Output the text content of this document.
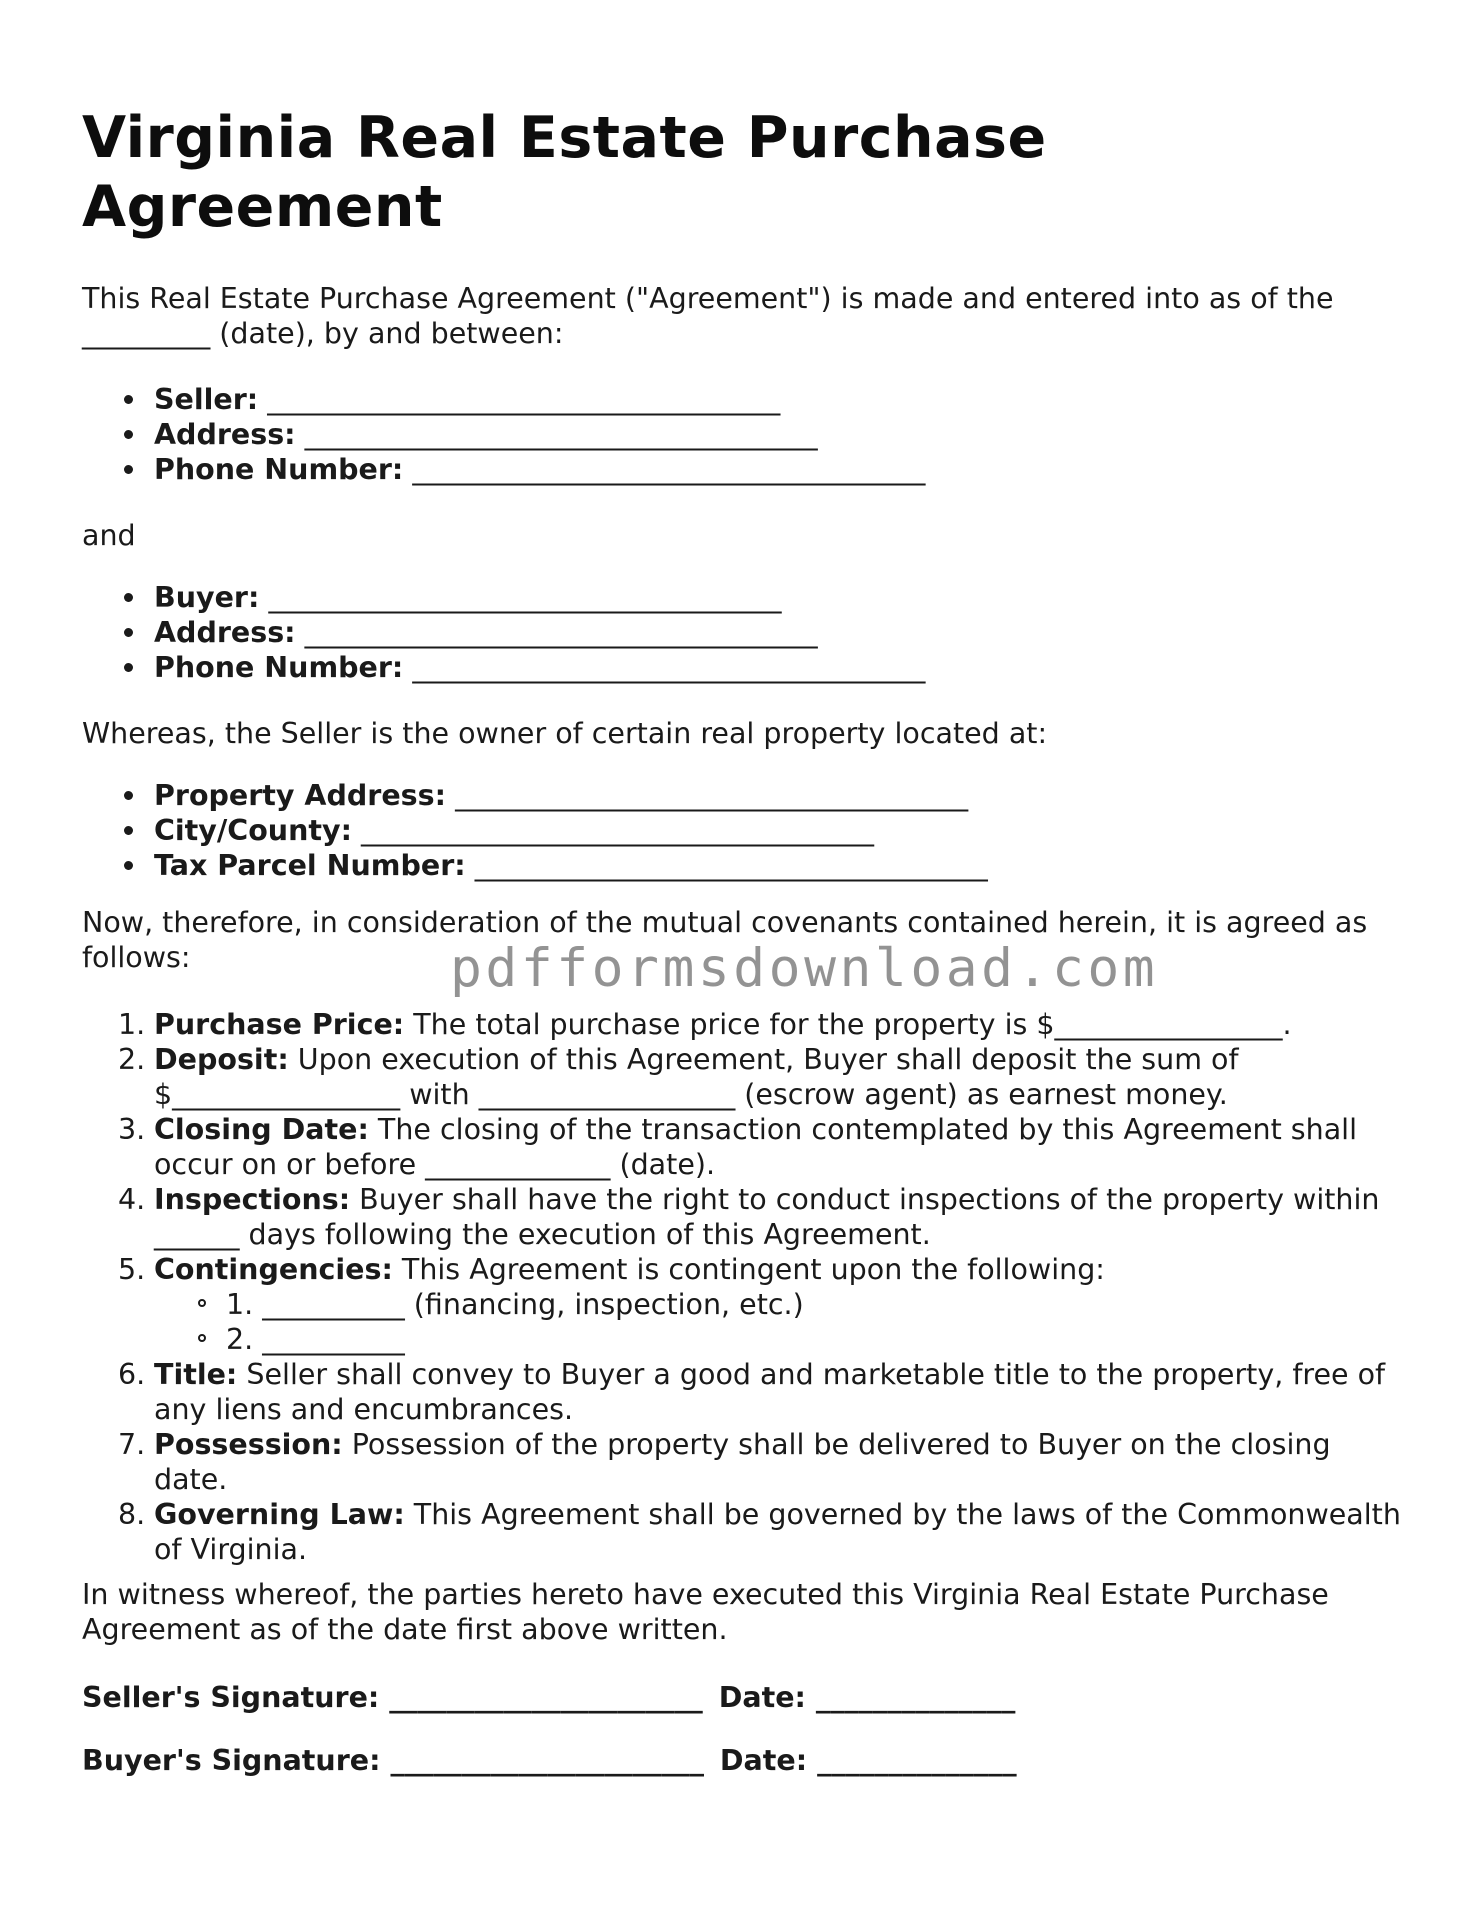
Virginia Real Estate Purchase Agreement
This Real Estate Purchase Agreement ("Agreement") is made and entered into as of the _________ (date), by and between:
Seller: ____________________________________
Address: ____________________________________
Phone Number: ____________________________________
and
Buyer: ____________________________________
Address: ____________________________________
Phone Number: ____________________________________
Whereas, the Seller is the owner of certain real property located at:
Property Address: ____________________________________
City/County: ____________________________________
Tax Parcel Number: ____________________________________
Now, therefore, in consideration of the mutual covenants contained herein, it is agreed as follows:	pdfformsdownload.com
1. Purchase Price: The total purchase price for the property is $________________.
2. Deposit: Upon execution of this Agreement, Buyer shall deposit the sum of $________________ with __________________ (escrow agent) as earnest money.
3. Closing Date: The closing of the transaction contemplated by this Agreement shall occur on or before _____________ (date).
4. Inspections: Buyer shall have the right to conduct inspections of the property within ______ days following the execution of this Agreement.
5. Contingencies: This Agreement is contingent upon the following:
1. __________ (financing, inspection, etc.)
2. __________
6. Title: Seller shall convey to Buyer a good and marketable title to the property, free of any liens and encumbrances.
7. Possession: Possession of the property shall be delivered to Buyer on the closing date.
8. Governing Law: This Agreement shall be governed by the laws of the Commonwealth of Virginia.
In witness whereof, the parties hereto have executed this Virginia Real Estate Purchase Agreement as of the date first above written.
Seller's Signature: ______________________ Date: ______________
Buyer's Signature: ______________________ Date: ______________
